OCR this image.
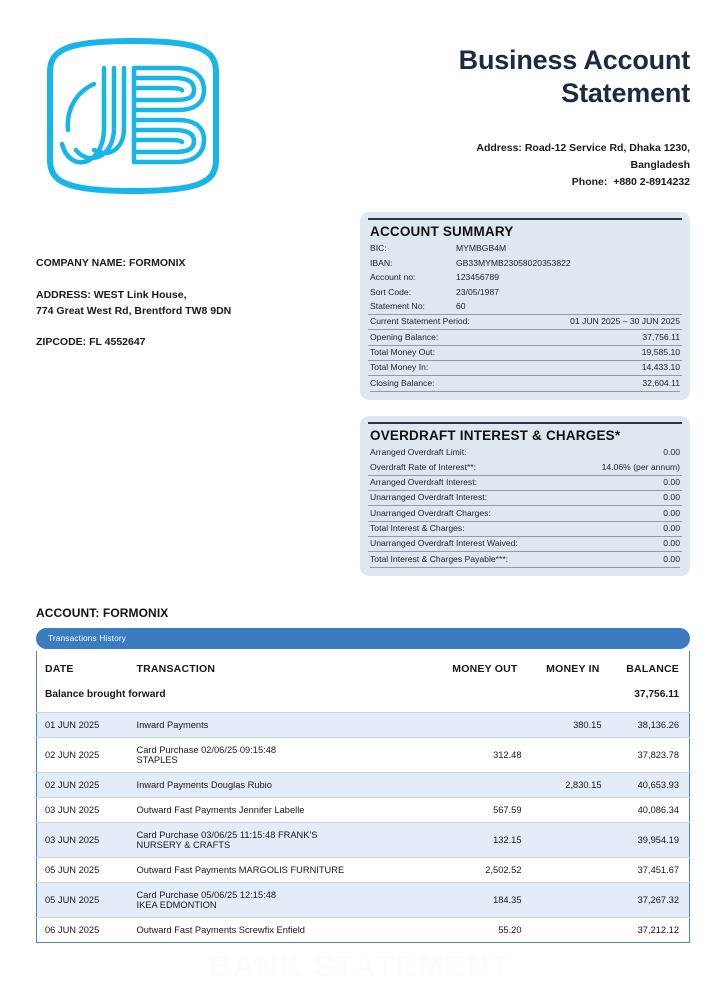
Business Account
Statement
Address: Road-12 Service Rd, Dhaka 1230,
Bangladesh
Phone:  +880 2-8914232
COMPANY NAME: FORMONIX
ADDRESS: WEST Link House,
774 Great West Rd, Brentford TW8 9DN
ZIPCODE: FL 4552647
ACCOUNT SUMMARY
BIC:	MYMBGB4M
IBAN:	GB33MYMB23058020353822
Account no:	123456789
Sort Code:	23/05/1987
Statement No:	60
Current Statement Period:	01 JUN 2025 – 30 JUN 2025
Opening Balance:	37,756.11
Total Money Out:	19,585.10
Total Money In:	14,433.10
Closing Balance:	32,604.11
OVERDRAFT INTEREST & CHARGES*
Arranged Overdraft Limit:	0.00
Overdraft Rate of Interest**:	14.06% (per annum)
Arranged Overdraft Interest:	0.00
Unarranged Overdraft Interest:	0.00
Unarranged Overdraft Charges:	0.00
Total Interest & Charges:	0.00
Unarranged Overdraft Interest Waived:	0.00
Total Interest & Charges Payable***:	0.00
ACCOUNT: FORMONIX
Transactions History
DATE	TRANSACTION	MONEY OUT	MONEY IN	BALANCE
Balance brought forward				37,756.11
01 JUN 2025	Inward Payments		380.15	38,136.26
02 JUN 2025	Card Purchase 02/06/25 09:15:48
STAPLES	312.48		37,823.78
02 JUN 2025	Inward Payments Douglas Rubio		2,830.15	40,653.93
03 JUN 2025	Outward Fast Payments Jennifer Labelle	567.59		40,086.34
03 JUN 2025	Card Purchase 03/06/25 11:15:48 FRANK'S
NURSERY & CRAFTS	132.15		39,954.19
05 JUN 2025	Outward Fast Payments MARGOLIS FURNITURE	2,502.52		37,451.67
05 JUN 2025	Card Purchase 05/06/25 12:15:48
IKEA EDMONTION	184.35		37,267.32
06 JUN 2025	Outward Fast Payments Screwfix Enfield	55.20		37,212.12
BANK STATEMENT
